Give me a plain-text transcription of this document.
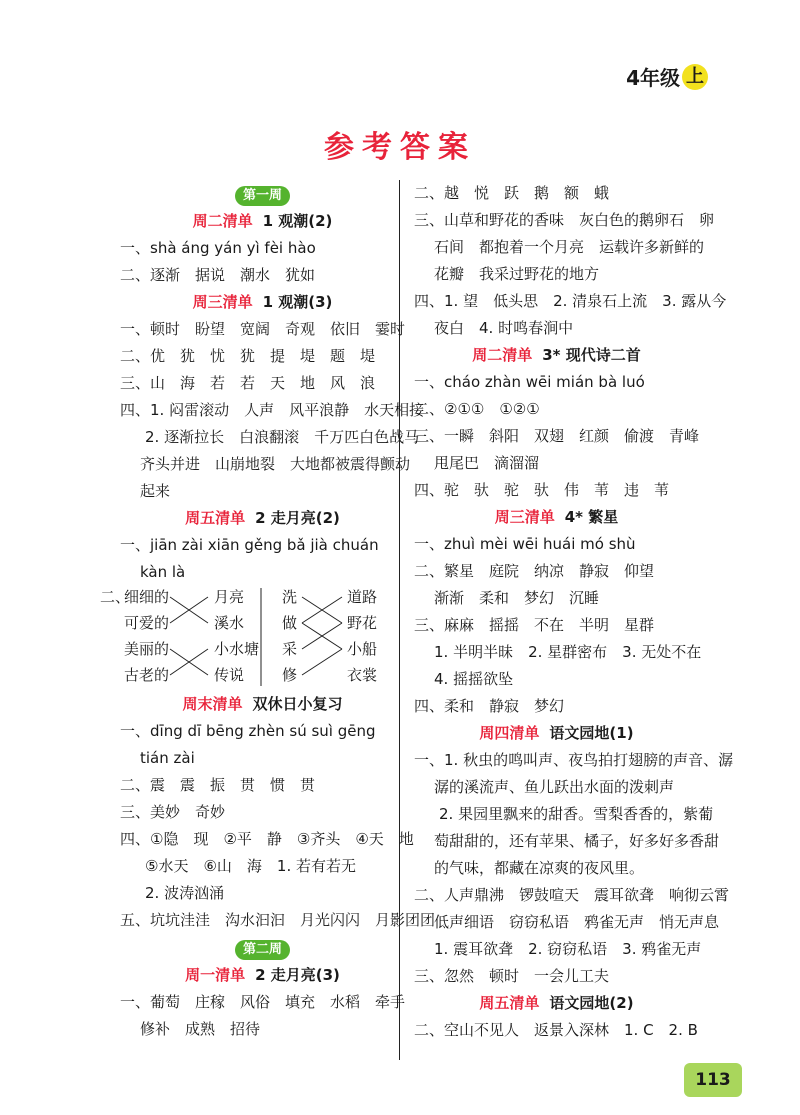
4年级 上
参考答案
第一周
周二清单 1 观潮(2)
一、shà áng yán yì fèi hào
二、逐渐　据说　潮水　犹如
周三清单 1 观潮(3)
一、顿时　盼望　宽阔　奇观　依旧　霎时
二、优　犹　忧　犹　提　堤　题　堤
三、山　海　若　若　天　地　风　浪
四、1. 闷雷滚动　人声　风平浪静　水天相接
2. 逐渐拉长　白浪翻滚　千万匹白色战马
齐头并进　山崩地裂　大地都被震得颤动
起来
周五清单 2 走月亮(2)
一、jiān zài xiān gěng bǎ jià chuán
kàn là
二、
细细的
可爱的
美丽的
古老的
月亮
溪水
小水塘
传说
洗
做
采
修
道路
野花
小船
衣裳
周末清单 双休日小复习
一、dīng dī bēng zhèn sú suì gēng
tián zài
二、震　震　振　贯　惯　贯
三、美妙　奇妙
四、①隐　现　②平　静　③齐头　④天　地
⑤水天　⑥山　海　1. 若有若无
2. 波涛汹涌
五、坑坑洼洼　沟水汩汩　月光闪闪　月影团团
第二周
周一清单 2 走月亮(3)
一、葡萄　庄稼　风俗　填充　水稻　牵手
修补　成熟　招待
二、越　悦　跃　鹅　额　蛾
三、山草和野花的香味　灰白色的鹅卵石　卵
石间　都抱着一个月亮　运载许多新鲜的
花瓣　我采过野花的地方
四、1. 望　低头思　2. 清泉石上流　3. 露从今
夜白　4. 时鸣春涧中
周二清单 3* 现代诗二首
一、cháo zhàn wēi mián bà luó
二、②①①　①②①
三、一瞬　斜阳　双翅　红颜　偷渡　青峰
甩尾巴　滴溜溜
四、驼　驮　驼　驮　伟　苇　违　苇
周三清单 4* 繁星
一、zhuì mèi wēi huái mó shù
二、繁星　庭院　纳凉　静寂　仰望
渐渐　柔和　梦幻　沉睡
三、麻麻　摇摇　不在　半明　星群
1. 半明半昧　2. 星群密布　3. 无处不在
4. 摇摇欲坠
四、柔和　静寂　梦幻
周四清单 语文园地(1)
一、1. 秋虫的鸣叫声、夜鸟拍打翅膀的声音、潺
潺的溪流声、鱼儿跃出水面的泼刺声
2. 果园里飘来的甜香。雪梨香香的，紫葡
萄甜甜的，还有苹果、橘子，好多好多香甜
的气味，都藏在凉爽的夜风里。
二、人声鼎沸　锣鼓喧天　震耳欲聋　响彻云霄
低声细语　窃窃私语　鸦雀无声　悄无声息
1. 震耳欲聋　2. 窃窃私语　3. 鸦雀无声
三、忽然　顿时　一会儿工夫
周五清单 语文园地(2)
二、空山不见人　返景入深林　1. C　2. B
113
